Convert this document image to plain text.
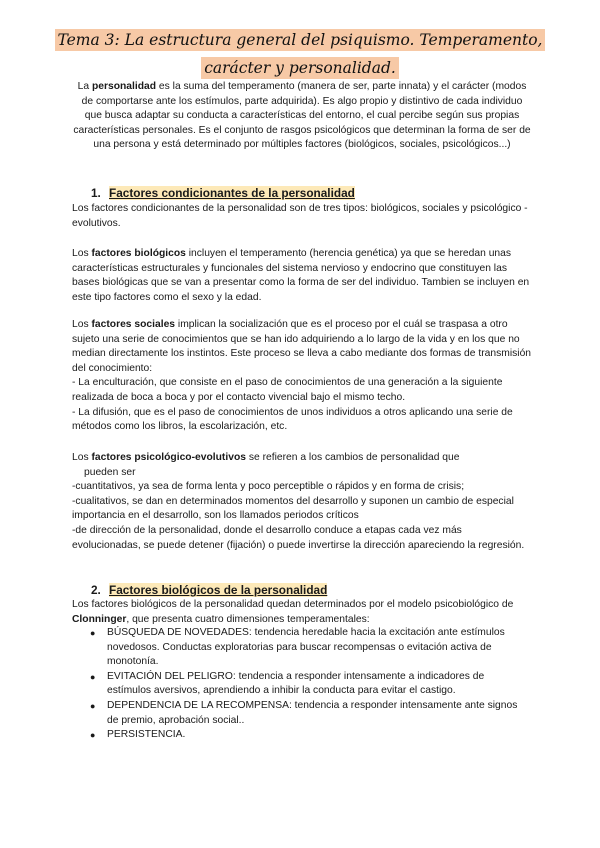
Tema 3: La estructura general del psiquismo. Temperamento,
carácter y personalidad.

La personalidad es la suma del temperamento (manera de ser, parte innata) y el carácter (modos de comportarse ante los estímulos, parte adquirida). Es algo propio y distintivo de cada individuo que busca adaptar su conducta a características del entorno, el cual percibe según sus propias características personales. Es el conjunto de rasgos psicológicos que determinan la forma de ser de una persona y está determinado por múltiples factores (biológicos, sociales, psicológicos...)

1. Factores condicionantes de la personalidad

Los factores condicionantes de la personalidad son de tres tipos: biológicos, sociales y psicológico -evolutivos.

Los factores biológicos incluyen el temperamento (herencia genética) ya que se heredan unas características estructurales y funcionales del sistema nervioso y endocrino que constituyen las bases biológicas que se van a presentar como la forma de ser del individuo. Tambien se incluyen en este tipo factores como el sexo y la edad.

Los factores sociales implican la socialización que es el proceso por el cuál se traspasa a otro sujeto una serie de conocimientos que se han ido adquiriendo a lo largo de la vida y en los que no median directamente los instintos. Este proceso se lleva a cabo mediante dos formas de transmisión del conocimiento:
- La enculturación, que consiste en el paso de conocimientos de una generación a la siguiente realizada de boca a boca y por el contacto vivencial bajo el mismo techo.
- La difusión, que es el paso de conocimientos de unos individuos a otros aplicando una serie de métodos como los libros, la escolarización, etc.
Los factores psicológico-evolutivos se refieren a los cambios de personalidad que
pueden ser
-cuantitativos, ya sea de forma lenta y poco perceptible o rápidos y en forma de crisis;
-cualitativos, se dan en determinados momentos del desarrollo y suponen un cambio de especial importancia en el desarrollo, son los llamados periodos críticos
-de dirección de la personalidad, donde el desarrollo conduce a etapas cada vez más evolucionadas, se puede detener (fijación) o puede invertirse la dirección apareciendo la regresión.
2. Factores biológicos de la personalidad

Los factores biológicos de la personalidad quedan determinados por el modelo psicobiológico de Clonninger, que presenta cuatro dimensiones temperamentales:

● BÚSQUEDA DE NOVEDADES: tendencia heredable hacia la excitación ante estímulos novedosos. Conductas exploratorias para buscar recompensas o evitación activa de monotonía.
● EVITACIÓN DEL PELIGRO: tendencia a responder intensamente a indicadores de estímulos aversivos, aprendiendo a inhibir la conducta para evitar el castigo.
● DEPENDENCIA DE LA RECOMPENSA: tendencia a responder intensamente ante signos de premio, aprobación social..
● PERSISTENCIA.
